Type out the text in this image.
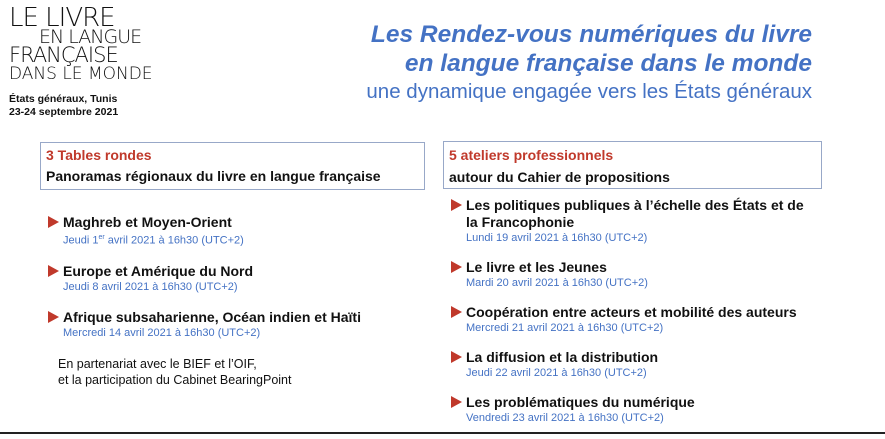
LE LIVRE
EN LANGUE
FRANÇAISE
DANS LE MONDE
États généraux, Tunis
23-24 septembre 2021
Les Rendez-vous numériques du livre
en langue française dans le monde
une dynamique engagée vers les États généraux
3 Tables rondes
Panoramas régionaux du livre en langue française
Maghreb et Moyen-Orient
Jeudi 1er avril 2021 à 16h30 (UTC+2)
Europe et Amérique du Nord
Jeudi 8 avril 2021 à 16h30 (UTC+2)
Afrique subsaharienne, Océan indien et Haïti
Mercredi 14 avril 2021 à 16h30 (UTC+2)
En partenariat avec le BIEF et l’OIF,
et la participation du Cabinet BearingPoint
5 ateliers professionnels
autour du Cahier de propositions
Les politiques publiques à l’échelle des États et de
la Francophonie
Lundi 19 avril 2021 à 16h30 (UTC+2)
Le livre et les Jeunes
Mardi 20 avril 2021 à 16h30 (UTC+2)
Coopération entre acteurs et mobilité des auteurs
Mercredi 21 avril 2021 à 16h30 (UTC+2)
La diffusion et la distribution
Jeudi 22 avril 2021 à 16h30 (UTC+2)
Les problématiques du numérique
Vendredi 23 avril 2021 à 16h30 (UTC+2)
